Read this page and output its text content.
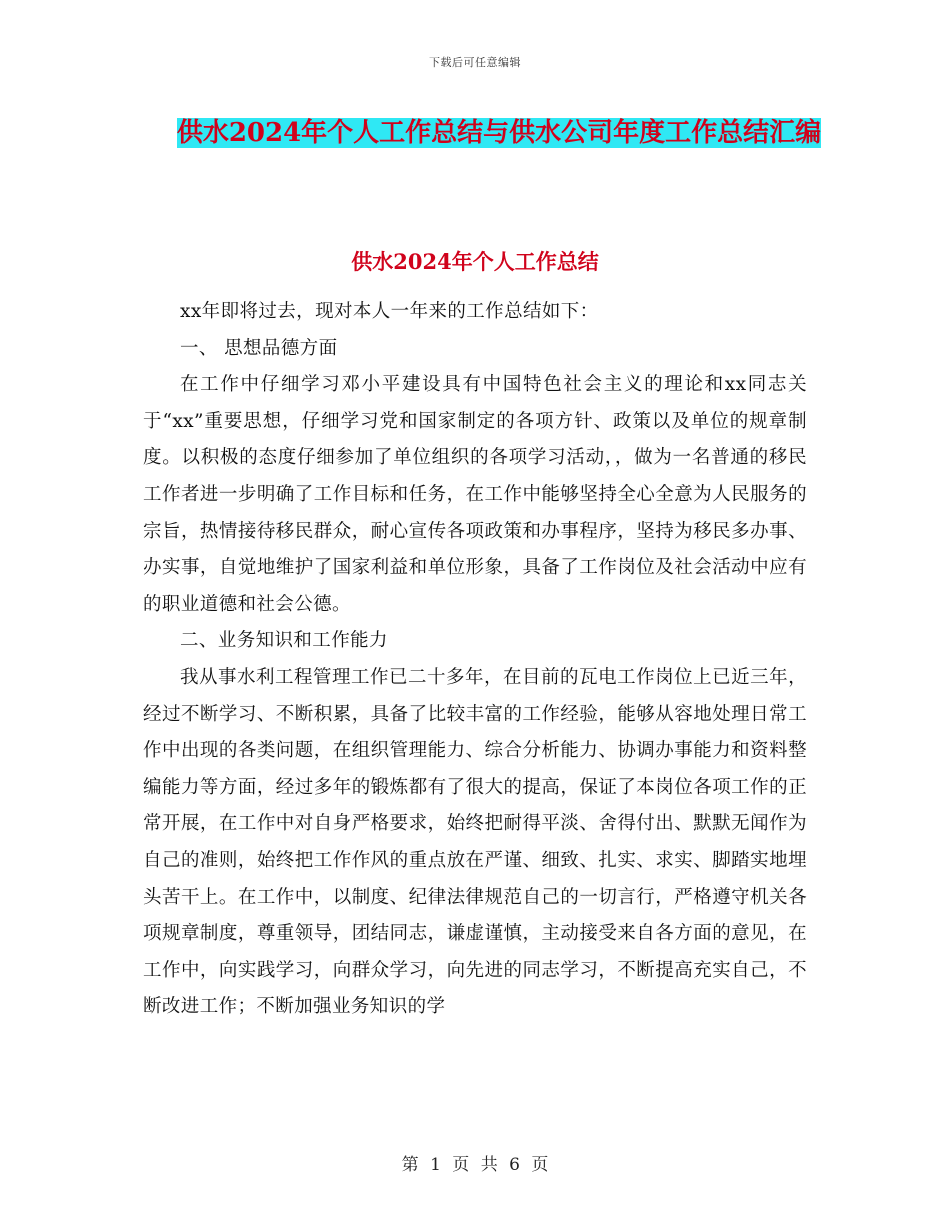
下载后可任意编辑
供水2024年个人工作总结与供水公司年度工作总结汇编
供水2024年个人工作总结

xx年即将过去，现对本人一年来的工作总结如下：

一、 思想品德方面

在工作中仔细学习邓小平建设具有中国特色社会主义的理论和xx同志关于“xx”重要思想，仔细学习党和国家制定的各项方针、政策以及单位的规章制度。以积极的态度仔细参加了单位组织的各项学习活动，，做为一名普通的移民工作者进一步明确了工作目标和任务，在工作中能够坚持全心全意为人民服务的宗旨，热情接待移民群众，耐心宣传各项政策和办事程序，坚持为移民多办事、办实事，自觉地维护了国家利益和单位形象，具备了工作岗位及社会活动中应有的职业道德和社会公德。

二、业务知识和工作能力

我从事水利工程管理工作已二十多年，在目前的瓦电工作岗位上已近三年，经过不断学习、不断积累，具备了比较丰富的工作经验，能够从容地处理日常工作中出现的各类问题，在组织管理能力、综合分析能力、协调办事能力和资料整编能力等方面，经过多年的锻炼都有了很大的提高，保证了本岗位各项工作的正常开展，在工作中对自身严格要求，始终把耐得平淡、舍得付出、默默无闻作为自己的准则，始终把工作作风的重点放在严谨、细致、扎实、求实、脚踏实地埋头苦干上。在工作中，以制度、纪律法律规范自己的一切言行，严格遵守机关各项规章制度，尊重领导，团结同志，谦虚谨慎，主动接受来自各方面的意见，在工作中，向实践学习，向群众学习，向先进的同志学习，不断提高充实自己，不断改进工作；不断加强业务知识的学

第 1 页 共 6 页
